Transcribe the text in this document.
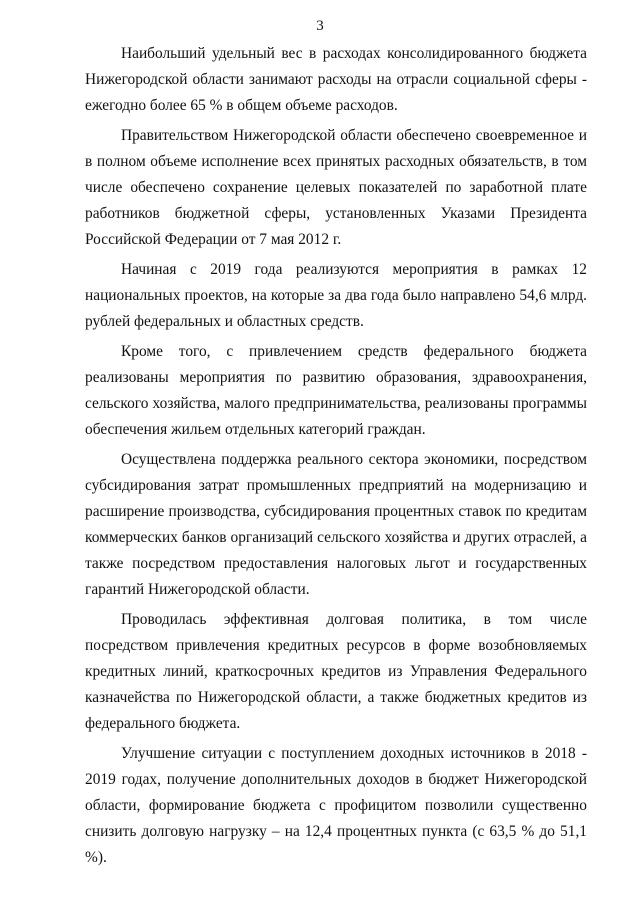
3

Наибольший удельный вес в расходах консолидированного бюджета Нижегородской области занимают расходы на отрасли социальной сферы - ежегодно более 65 % в общем объеме расходов.

Правительством Нижегородской области обеспечено своевременное и в полном объеме исполнение всех принятых расходных обязательств, в том числе обеспечено сохранение целевых показателей по заработной плате работников бюджетной сферы, установленных Указами Президента Российской Федерации от 7 мая 2012 г.

Начиная с 2019 года реализуются мероприятия в рамках 12 национальных проектов, на которые за два года было направлено 54,6 млрд. рублей федеральных и областных средств.

Кроме того, с привлечением средств федерального бюджета реализованы мероприятия по развитию образования, здравоохранения, сельского хозяйства, малого предпринимательства, реализованы программы обеспечения жильем отдельных категорий граждан.

Осуществлена поддержка реального сектора экономики, посредством субсидирования затрат промышленных предприятий на модернизацию и расширение производства, субсидирования процентных ставок по кредитам коммерческих банков организаций сельского хозяйства и других отраслей, а также посредством предоставления налоговых льгот и государственных гарантий Нижегородской области.

Проводилась эффективная долговая политика, в том числе посредством привлечения кредитных ресурсов в форме возобновляемых кредитных линий, краткосрочных кредитов из Управления Федерального казначейства по Нижегородской области, а также бюджетных кредитов из федерального бюджета.

Улучшение ситуации с поступлением доходных источников в 2018 - 2019 годах, получение дополнительных доходов в бюджет Нижегородской области, формирование бюджета с профицитом позволили существенно снизить долговую нагрузку – на 12,4 процентных пункта (с 63,5 % до 51,1 %).
